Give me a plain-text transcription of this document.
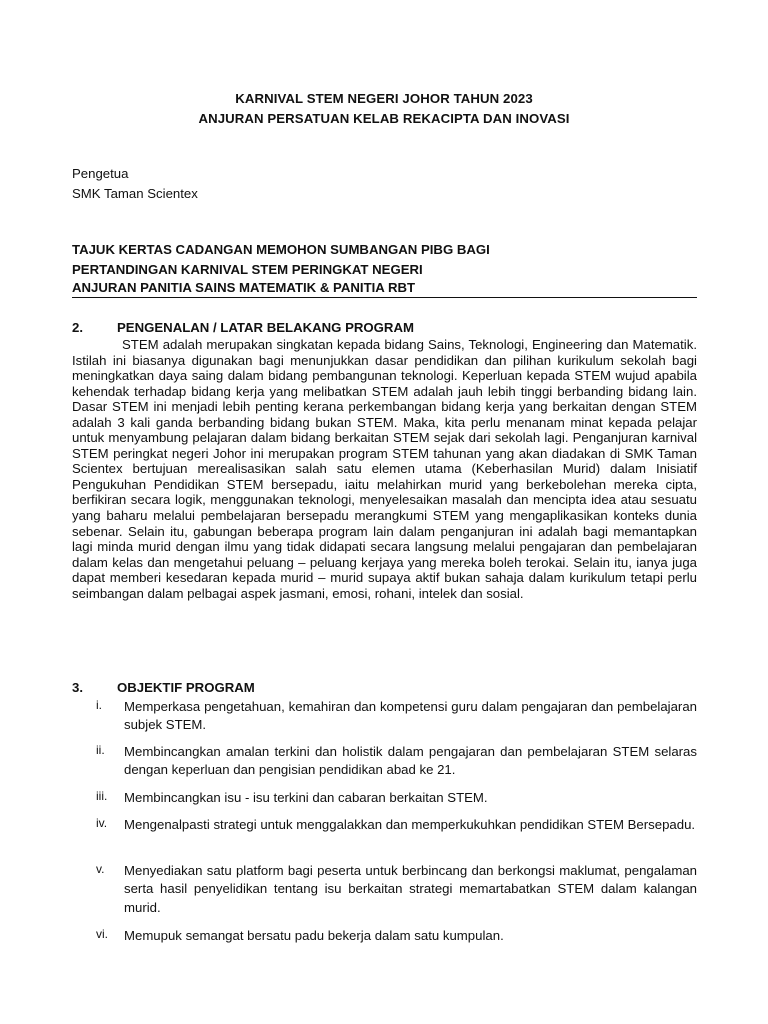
KARNIVAL STEM NEGERI JOHOR TAHUN 2023
ANJURAN PERSATUAN KELAB REKACIPTA DAN INOVASI
Pengetua
SMK Taman Scientex
TAJUK KERTAS CADANGAN MEMOHON SUMBANGAN PIBG BAGI
PERTANDINGAN KARNIVAL STEM PERINGKAT NEGERI
ANJURAN PANITIA SAINS MATEMATIK & PANITIA RBT
2.	PENGENALAN / LATAR BELAKANG PROGRAM
STEM adalah merupakan singkatan kepada bidang Sains, Teknologi, Engineering dan Matematik. Istilah ini biasanya digunakan bagi menunjukkan dasar pendidikan dan pilihan kurikulum sekolah bagi meningkatkan daya saing dalam bidang pembangunan teknologi. Keperluan kepada STEM wujud apabila kehendak terhadap bidang kerja yang melibatkan STEM adalah jauh lebih tinggi berbanding bidang lain. Dasar STEM ini menjadi lebih penting kerana perkembangan bidang kerja yang berkaitan dengan STEM adalah 3 kali ganda berbanding bidang bukan STEM. Maka, kita perlu menanam minat kepada pelajar untuk menyambung pelajaran dalam bidang berkaitan STEM sejak dari sekolah lagi. Penganjuran karnival STEM peringkat negeri Johor ini merupakan program STEM tahunan yang akan diadakan di SMK Taman Scientex bertujuan merealisasikan salah satu elemen utama (Keberhasilan Murid) dalam Inisiatif Pengukuhan Pendidikan STEM bersepadu, iaitu melahirkan murid yang berkebolehan mereka cipta, berfikiran secara logik, menggunakan teknologi, menyelesaikan masalah dan mencipta idea atau sesuatu yang baharu melalui pembelajaran bersepadu merangkumi STEM yang mengaplikasikan konteks dunia sebenar. Selain itu, gabungan beberapa program lain dalam penganjuran ini adalah bagi memantapkan lagi minda murid dengan ilmu yang tidak didapati secara langsung melalui pengajaran dan pembelajaran dalam kelas dan mengetahui peluang – peluang kerjaya yang mereka boleh terokai. Selain itu, ianya juga dapat memberi kesedaran kepada murid – murid supaya aktif bukan sahaja dalam kurikulum tetapi perlu seimbangan dalam pelbagai aspek jasmani, emosi, rohani, intelek dan sosial.
3.	OBJEKTIF PROGRAM
i.	Memperkasa pengetahuan, kemahiran dan kompetensi guru dalam pengajaran dan pembelajaran subjek STEM.
ii.	Membincangkan amalan terkini dan holistik dalam pengajaran dan pembelajaran STEM selaras dengan keperluan dan pengisian pendidikan abad ke 21.
iii.	Membincangkan isu - isu terkini dan cabaran berkaitan STEM.
iv.	Mengenalpasti strategi untuk menggalakkan dan memperkukuhkan pendidikan STEM Bersepadu.
v.	Menyediakan satu platform bagi peserta untuk berbincang dan berkongsi maklumat, pengalaman serta hasil penyelidikan tentang isu berkaitan strategi memartabatkan STEM dalam kalangan murid.
vi.	Memupuk semangat bersatu padu bekerja dalam satu kumpulan.
